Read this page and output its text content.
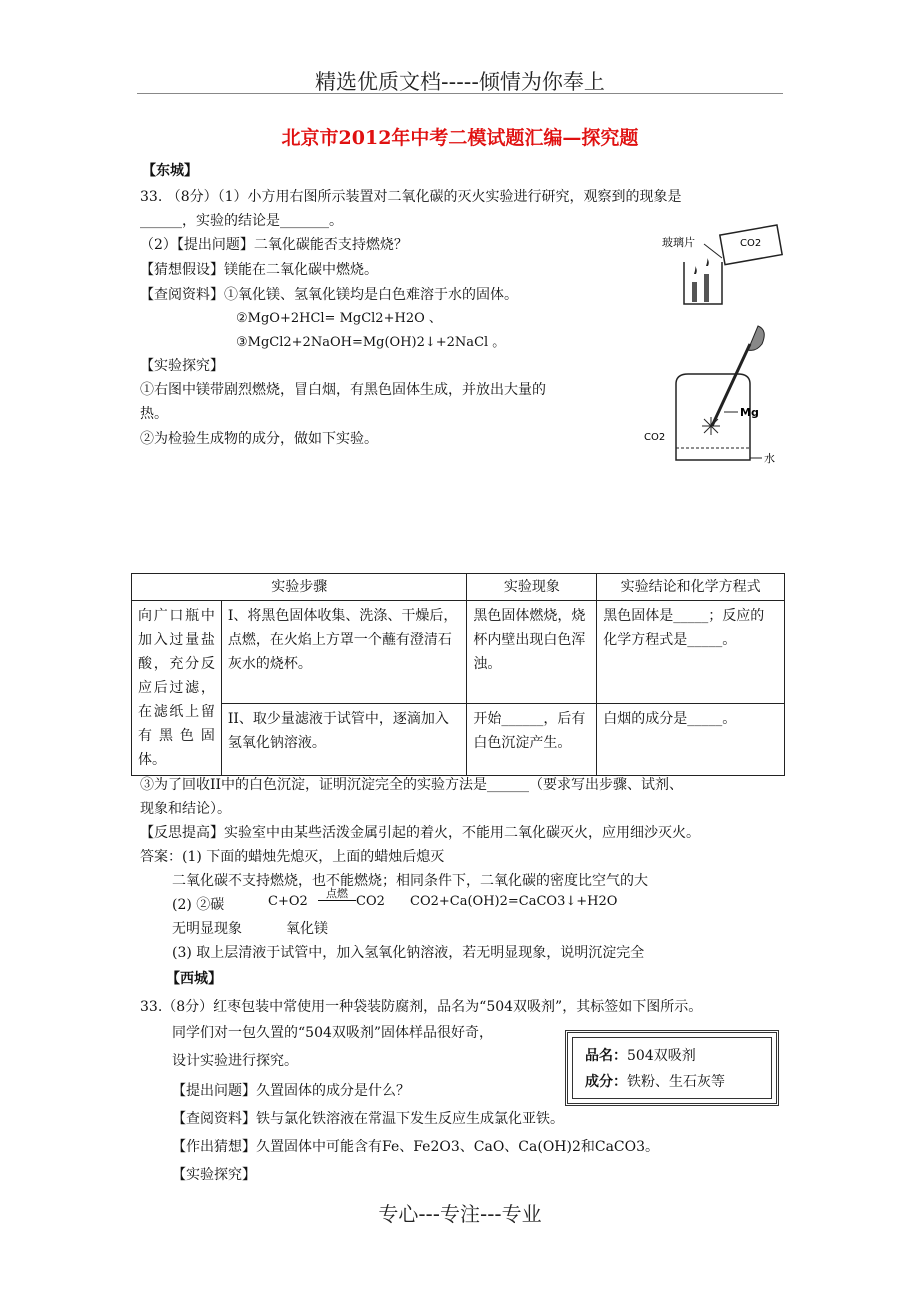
精选优质文档-----倾情为你奉上
北京市2012年中考二模试题汇编—探究题
【东城】
33. （8分）（1）小方用右图所示装置对二氧化碳的灭火实验进行研究，观察到的现象是
______，实验的结论是_______。
（2）【提出问题】二氧化碳能否支持燃烧？
【猜想假设】镁能在二氧化碳中燃烧。
【查阅资料】①氧化镁、氢氧化镁均是白色难溶于水的固体。
②MgO+2HCl= MgCl2+H2O 、
③MgCl2+2NaOH=Mg(OH)2↓+2NaCl 。
【实验探究】
①右图中镁带剧烈燃烧，冒白烟，有黑色固体生成，并放出大量的
热。
②为检验生成物的成分，做如下实验。
玻璃片	CO2
Mg
CO2
水
实验步骤		实验现象	实验结论和化学方程式
向广口瓶中加入过量盐酸，充分反应后过滤，在滤纸上留有黑色固体。	I、将黑色固体收集、洗涤、干燥后，点燃，在火焰上方罩一个蘸有澄清石灰水的烧杯。	黑色固体燃烧，烧杯内壁出现白色浑浊。	黑色固体是_____；反应的化学方程式是_____。
	II、取少量滤液于试管中，逐滴加入氢氧化钠溶液。	开始______，后有白色沉淀产生。	白烟的成分是_____。
③为了回收II中的白色沉淀，证明沉淀完全的实验方法是______（要求写出步骤、试剂、
现象和结论）。
【反思提高】实验室中由某些活泼金属引起的着火，不能用二氧化碳灭火，应用细沙灭火。
答案：(1) 下面的蜡烛先熄灭，上面的蜡烛后熄灭
二氧化碳不支持燃烧，也不能燃烧；相同条件下，二氧化碳的密度比空气的大
(2) ②碳	C+O2
点燃
CO2 CO2+Ca(OH)2=CaCO3↓+H2O
无明显现象	氧化镁
(3) 取上层清液于试管中，加入氢氧化钠溶液，若无明显现象，说明沉淀完全
【西城】
33.（8分）红枣包装中常使用一种袋装防腐剂，品名为“504双吸剂”，其标签如下图所示。
同学们对一包久置的“504双吸剂”固体样品很好奇，
设计实验进行探究。	品名：504双吸剂
成分：铁粉、生石灰等
【提出问题】久置固体的成分是什么？
【查阅资料】铁与氯化铁溶液在常温下发生反应生成氯化亚铁。
【作出猜想】久置固体中可能含有Fe、Fe2O3、CaO、Ca(OH)2和CaCO3。
【实验探究】
专心---专注---专业
